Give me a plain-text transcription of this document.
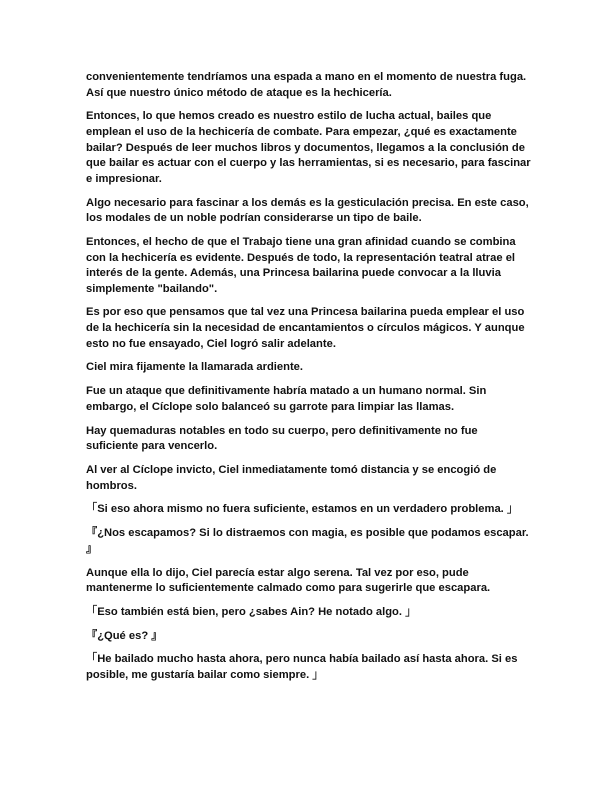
convenientemente tendríamos una espada a mano en el momento de nuestra fuga. Así que nuestro único método de ataque es la hechicería.

Entonces, lo que hemos creado es nuestro estilo de lucha actual, bailes que emplean el uso de la hechicería de combate. Para empezar, ¿qué es exactamente bailar? Después de leer muchos libros y documentos, llegamos a la conclusión de que bailar es actuar con el cuerpo y las herramientas, si es necesario, para fascinar e impresionar.

Algo necesario para fascinar a los demás es la gesticulación precisa. En este caso, los modales de un noble podrían considerarse un tipo de baile.

Entonces, el hecho de que el Trabajo tiene una gran afinidad cuando se combina con la hechicería es evidente. Después de todo, la representación teatral atrae el interés de la gente. Además, una Princesa bailarina puede convocar a la lluvia simplemente "bailando".

Es por eso que pensamos que tal vez una Princesa bailarina pueda emplear el uso de la hechicería sin la necesidad de encantamientos o círculos mágicos. Y aunque esto no fue ensayado, Ciel logró salir adelante.

Ciel mira fijamente la llamarada ardiente.

Fue un ataque que definitivamente habría matado a un humano normal. Sin embargo, el Cíclope solo balanceó su garrote para limpiar las llamas.

Hay quemaduras notables en todo su cuerpo, pero definitivamente no fue suficiente para vencerlo.

Al ver al Cíclope invicto, Ciel inmediatamente tomó distancia y se encogió de hombros.

「Si eso ahora mismo no fuera suficiente, estamos en un verdadero problema. 」

『¿Nos escapamos? Si lo distraemos con magia, es posible que podamos escapar. 』

Aunque ella lo dijo, Ciel parecía estar algo serena. Tal vez por eso, pude mantenerme lo suficientemente calmado como para sugerirle que escapara.

「Eso también está bien, pero ¿sabes Ain? He notado algo. 」

『¿Qué es? 』

「He bailado mucho hasta ahora, pero nunca había bailado así hasta ahora. Si es posible, me gustaría bailar como siempre. 」
